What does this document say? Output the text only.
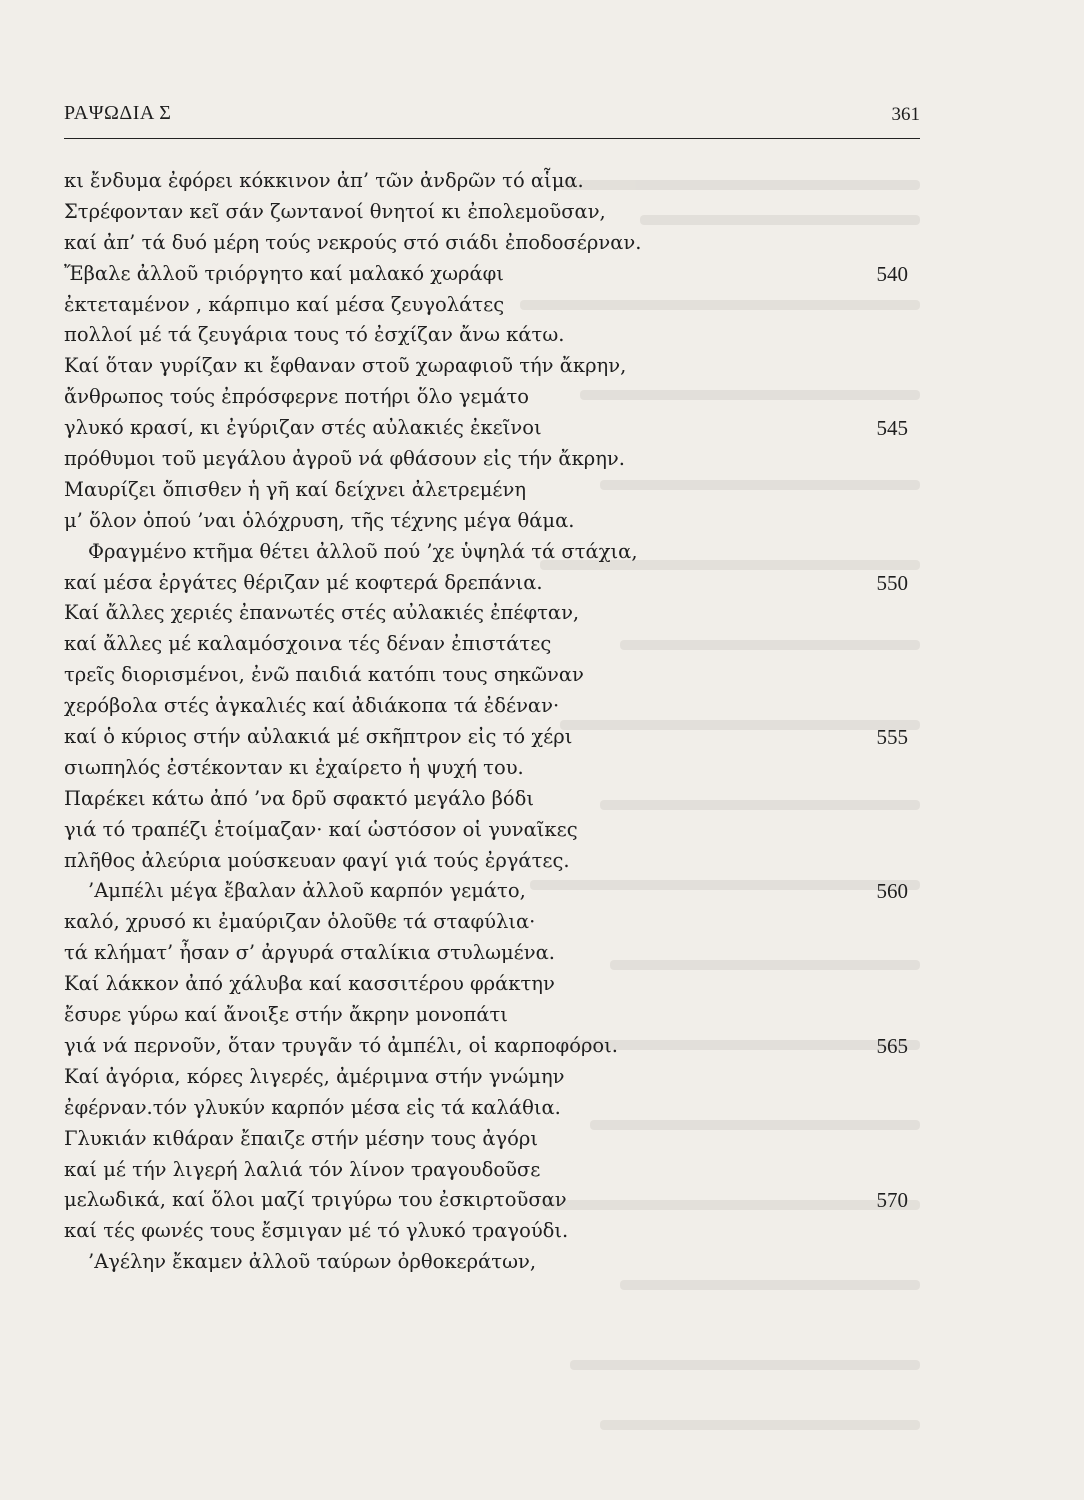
ΡΑΨΩΔΙΑ Σ	361
κι ἔνδυμα ἐφόρει κόκκινον ἀπ’ τῶν ἀνδρῶν τό αἷμα.
Στρέφονταν κεῖ σάν ζωντανοί θνητοί κι ἐπολεμοῦσαν,
καί ἀπ’ τά δυό μέρη τούς νεκρούς στό σιάδι ἐποδοσέρναν.
Ἔβαλε ἀλλοῦ τριόργητο καί μαλακό χωράφι	540
ἐκτεταμένον , κάρπιμο καί μέσα ζευγολάτες
πολλοί μέ τά ζευγάρια τους τό ἐσχίζαν ἄνω κάτω.
Καί ὅταν γυρίζαν κι ἔφθαναν στοῦ χωραφιοῦ τήν ἄκρην,
ἄνθρωπος τούς ἐπρόσφερνε ποτήρι ὅλο γεμάτο
γλυκό κρασί, κι ἐγύριζαν στές αὐλακιές ἐκεῖνοι	545
πρόθυμοι τοῦ μεγάλου ἀγροῦ νά φθάσουν εἰς τήν ἄκρην.
Μαυρίζει ὄπισθεν ἡ γῆ καί δείχνει ἀλετρεμένη
μ’ ὅλον ὁπού ’ναι ὁλόχρυση, τῆς τέχνης μέγα θάμα.
Φραγμένο κτῆμα θέτει ἀλλοῦ πού ’χε ὑψηλά τά στάχια,
καί μέσα ἐργάτες θέριζαν μέ κοφτερά δρεπάνια.	550
Καί ἄλλες χεριές ἐπανωτές στές αὐλακιές ἐπέφταν,
καί ἄλλες μέ καλαμόσχοινα τές δέναν ἐπιστάτες
τρεῖς διορισμένοι, ἐνῶ παιδιά κατόπι τους σηκῶναν
χερόβολα στές ἀγκαλιές καί ἀδιάκοπα τά ἐδέναν·
καί ὁ κύριος στήν αὐλακιά μέ σκῆπτρον εἰς τό χέρι	555
σιωπηλός ἐστέκονταν κι ἐχαίρετο ἡ ψυχή του.
Παρέκει κάτω ἀπό ’να δρῦ σφακτό μεγάλο βόδι
γιά τό τραπέζι ἑτοίμαζαν· καί ὡστόσον οἱ γυναῖκες
πλῆθος ἀλεύρια μούσκευαν φαγί γιά τούς ἐργάτες.
’Αμπέλι μέγα ἔβαλαν ἀλλοῦ καρπόν γεμάτο,	560
καλό, χρυσό κι ἐμαύριζαν ὁλοῦθε τά σταφύλια·
τά κλήματ’ ἦσαν σ’ ἀργυρά σταλίκια στυλωμένα.
Καί λάκκον ἀπό χάλυβα καί κασσιτέρου φράκτην
ἔσυρε γύρω καί ἄνοιξε στήν ἄκρην μονοπάτι
γιά νά περνοῦν, ὅταν τρυγᾶν τό ἀμπέλι, οἱ καρποφόροι.	565
Καί ἀγόρια, κόρες λιγερές, ἀμέριμνα στήν γνώμην
ἐφέρναν.τόν γλυκύν καρπόν μέσα εἰς τά καλάθια.
Γλυκιάν κιθάραν ἔπαιζε στήν μέσην τους ἀγόρι
καί μέ τήν λιγερή λαλιά τόν λίνον τραγουδοῦσε
μελωδικά, καί ὅλοι μαζί τριγύρω του ἐσκιρτοῦσαν	570
καί τές φωνές τους ἔσμιγαν μέ τό γλυκό τραγούδι.
’Αγέλην ἔκαμεν ἀλλοῦ ταύρων ὀρθοκεράτων,
